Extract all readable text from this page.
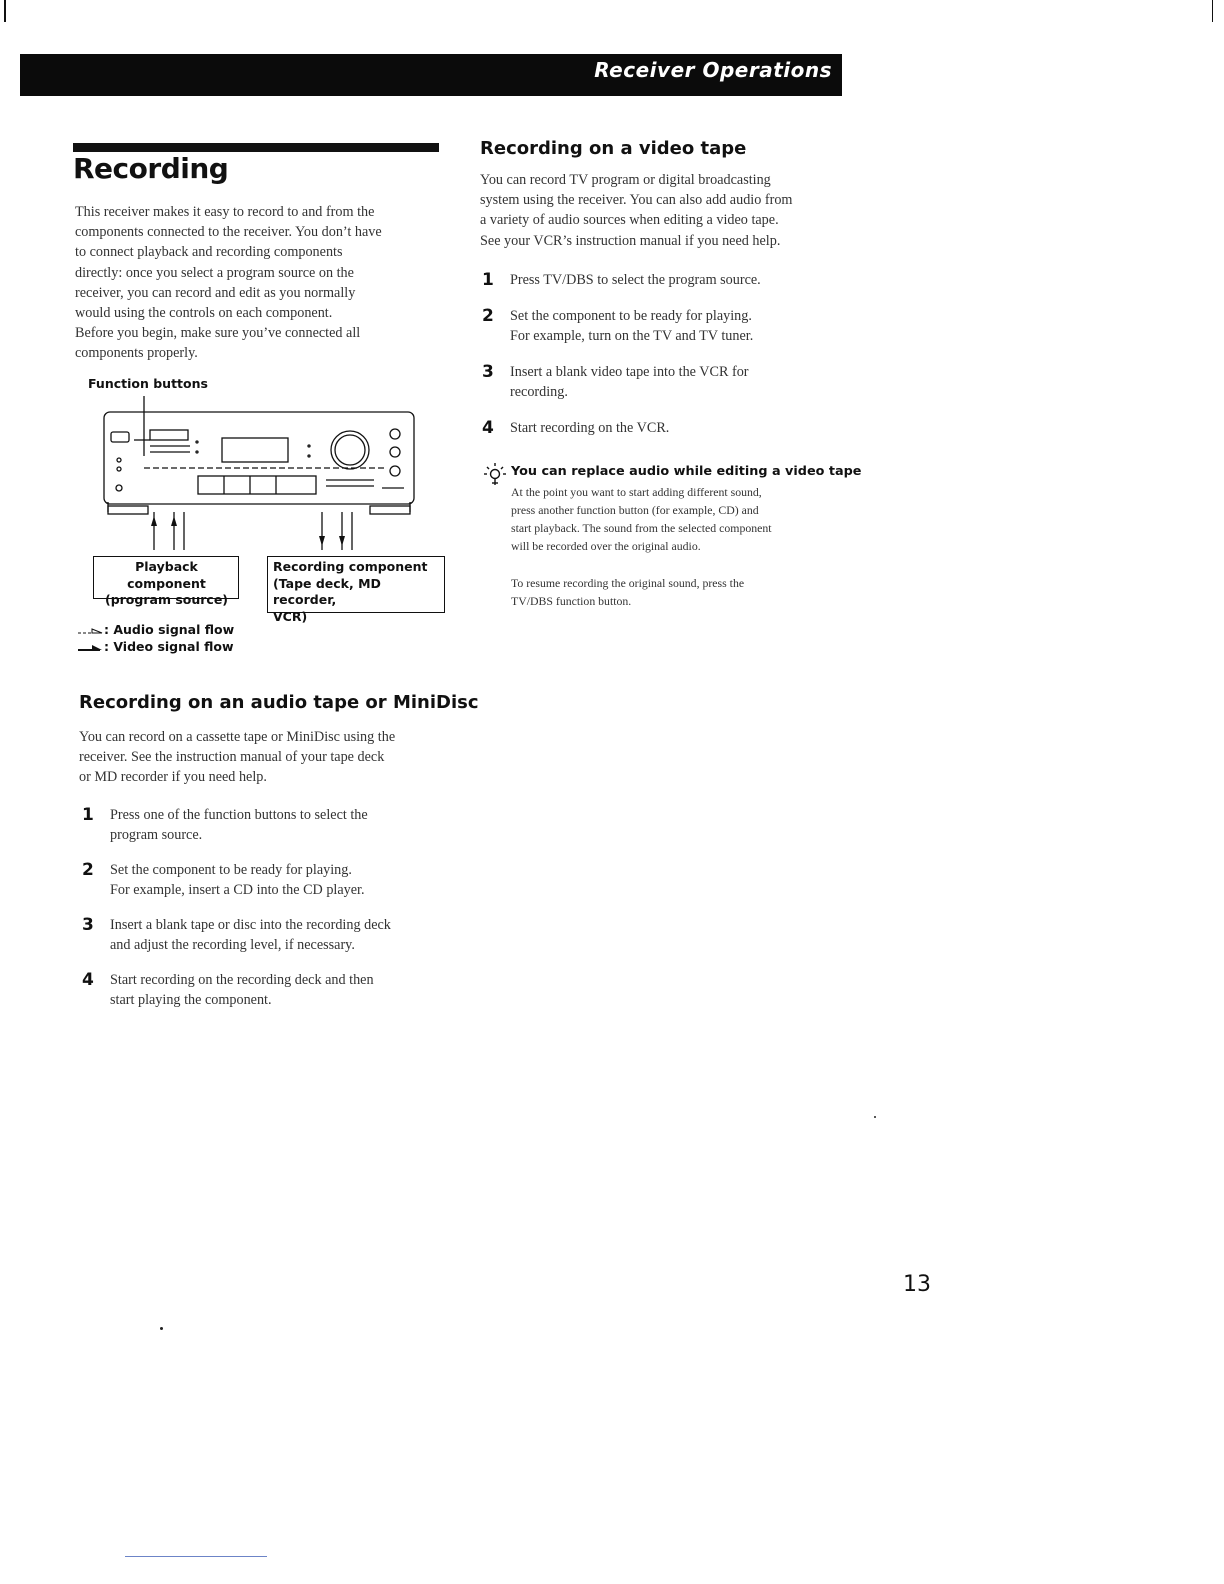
Receiver Operations
Recording
This receiver makes it easy to record to and from the
components connected to the receiver. You don’t have
to connect playback and recording components
directly: once you select a program source on the
receiver, you can record and edit as you normally
would using the controls on each component.
Before you begin, make sure you’ve connected all
components properly.
Function buttons
Playback component
(program source)
Recording component
(Tape deck, MD recorder,
VCR)
: Audio signal flow
: Video signal flow
Recording on an audio tape or MiniDisc
You can record on a cassette tape or MiniDisc using the
receiver. See the instruction manual of your tape deck
or MD recorder if you need help.
1	Press one of the function buttons to select the
program source.
2	Set the component to be ready for playing.
For example, insert a CD into the CD player.
3	Insert a blank tape or disc into the recording deck
and adjust the recording level, if necessary.
4	Start recording on the recording deck and then
start playing the component.
Recording on a video tape
You can record TV program or digital broadcasting
system using the receiver. You can also add audio from
a variety of audio sources when editing a video tape.
See your VCR’s instruction manual if you need help.
1	Press TV/DBS to select the program source.
2	Set the component to be ready for playing.
For example, turn on the TV and TV tuner.
3	Insert a blank video tape into the VCR for
recording.
4	Start recording on the VCR.
You can replace audio while editing a video tape
At the point you want to start adding different sound,
press another function button (for example, CD) and
start playback. The sound from the selected component
will be recorded over the original audio.
To resume recording the original sound, press the
TV/DBS function button.
13
